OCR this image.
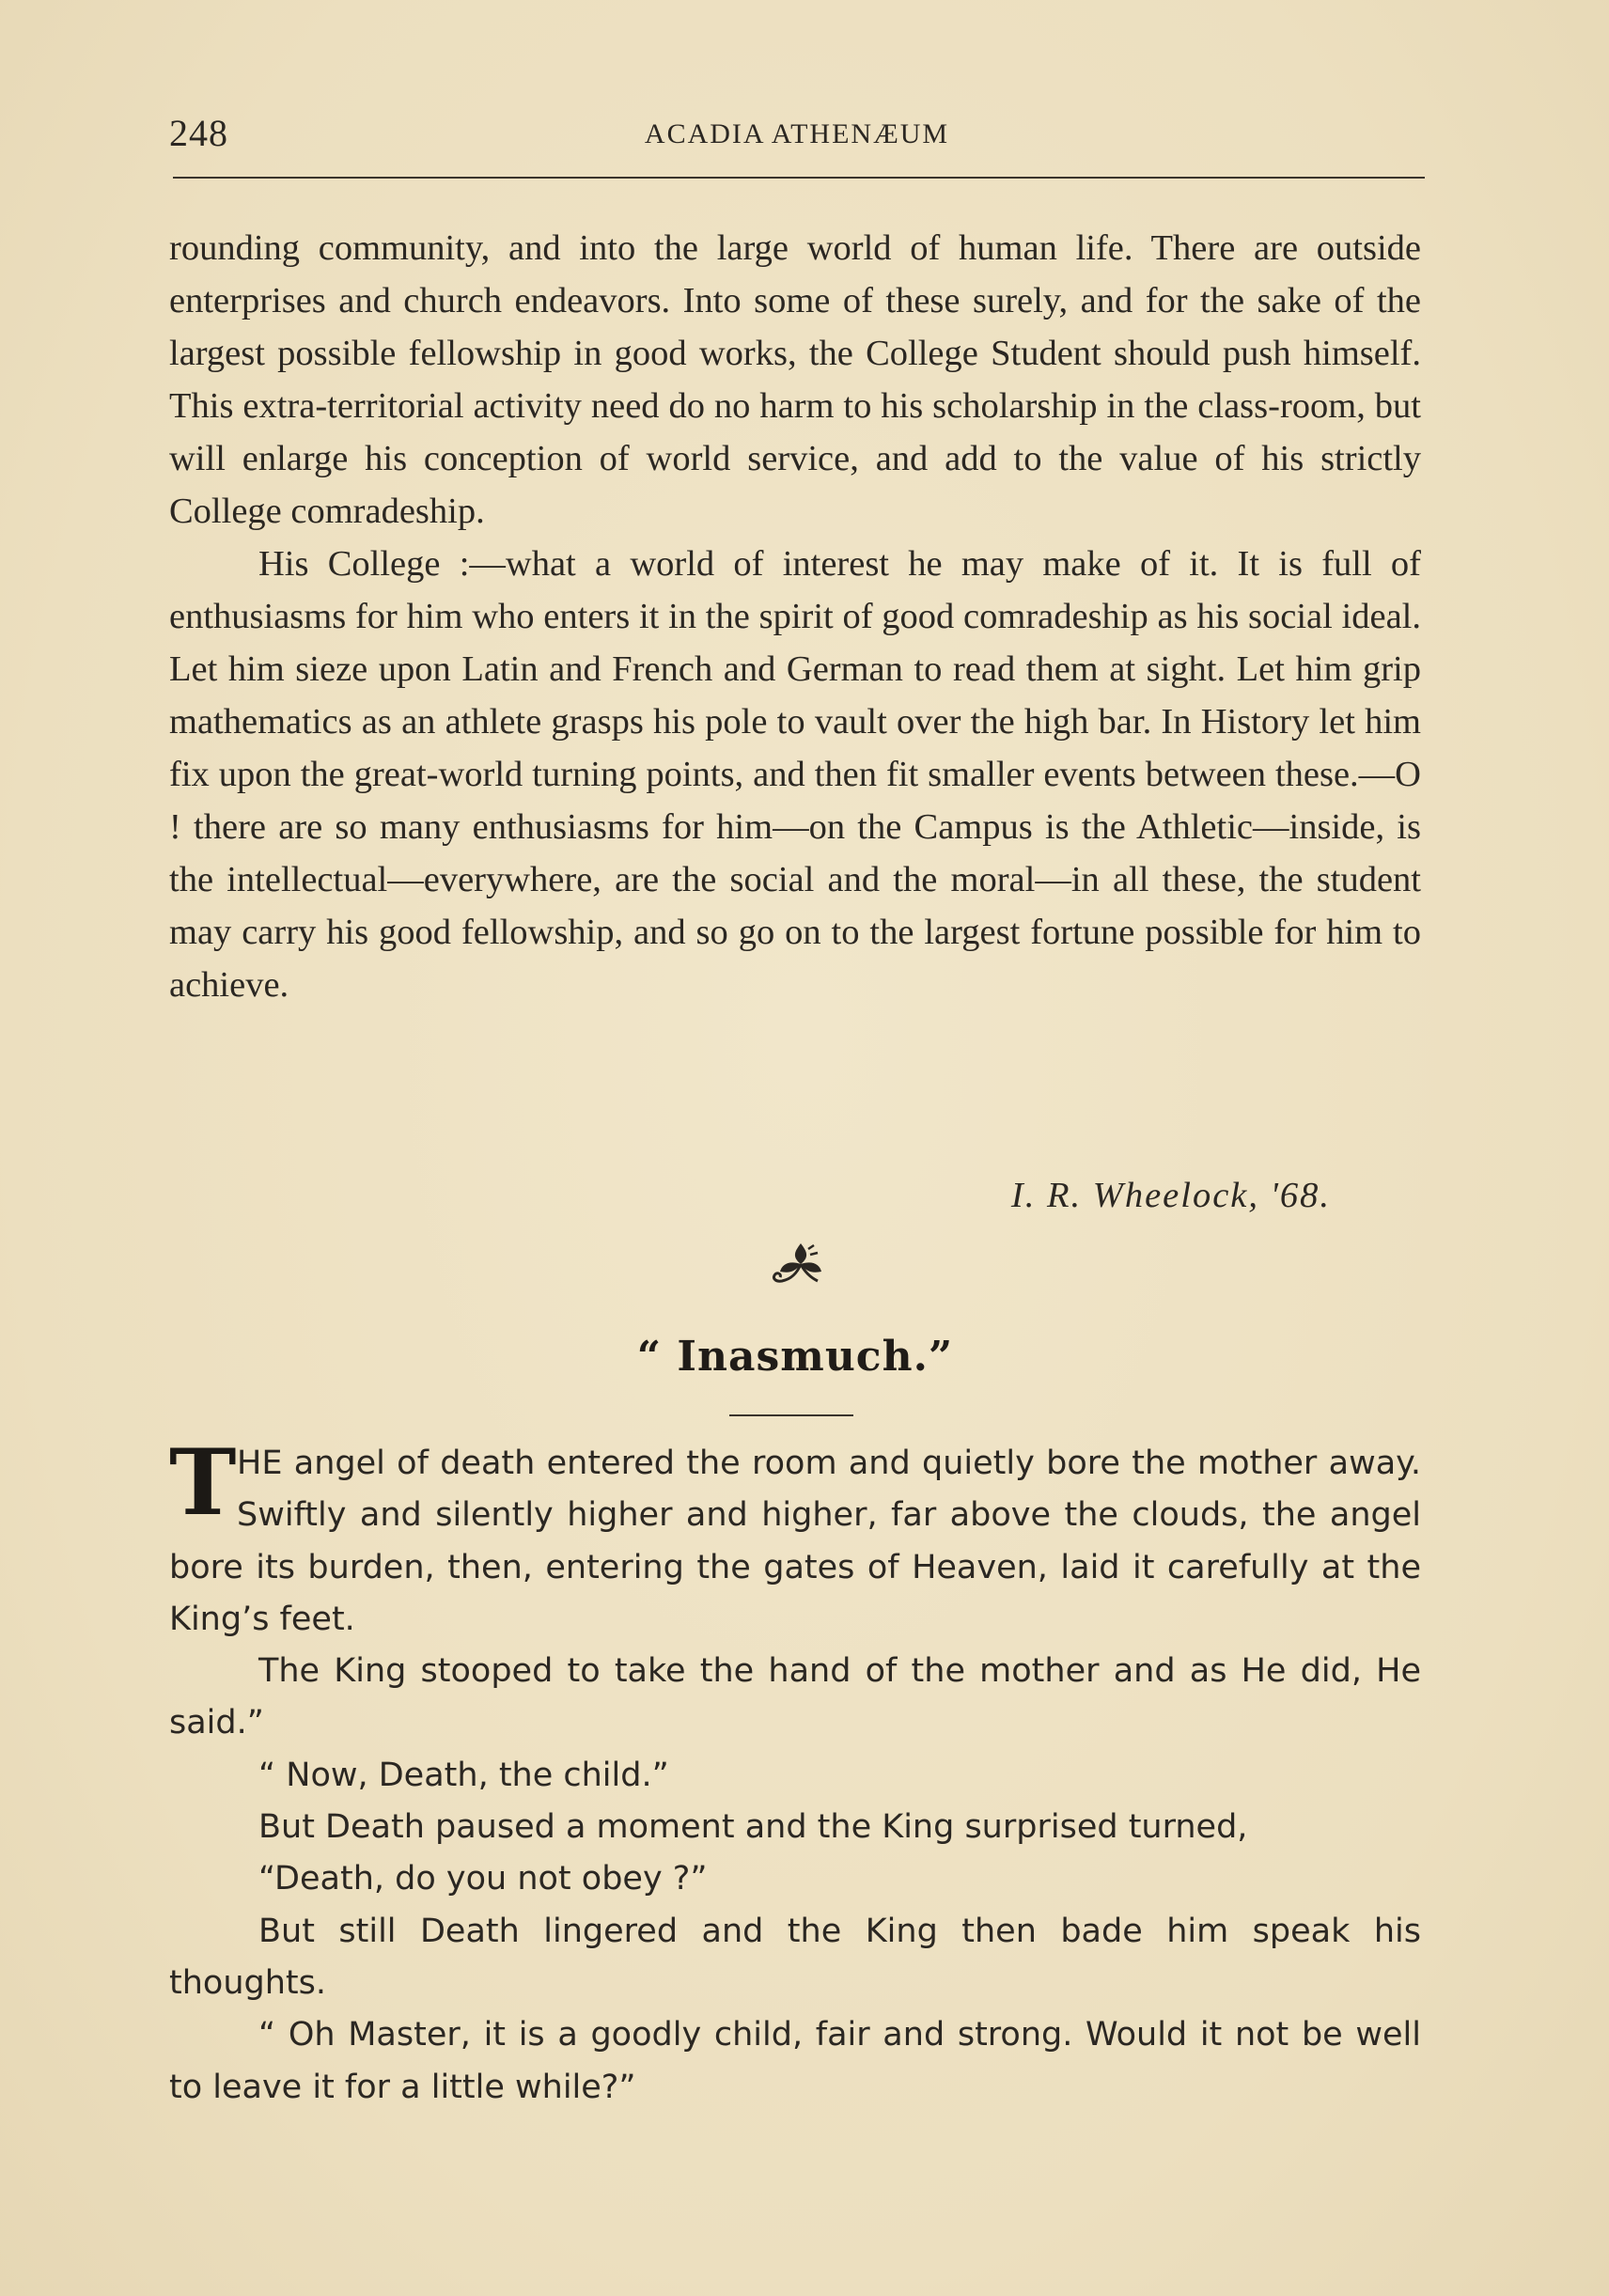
248	ACADIA ATHENÆUM

rounding community, and into the large world of human life. There are outside enterprises and church endeavors. Into some of these surely, and for the sake of the largest possible fellowship in good works, the College Student should push himself. This extra-territorial activity need do no harm to his scholarship in the class-room, but will enlarge his conception of world service, and add to the value of his strictly College comradeship.

His College :—what a world of interest he may make of it. It is full of enthusiasms for him who enters it in the spirit of good comradeship as his social ideal. Let him sieze upon Latin and French and German to read them at sight. Let him grip mathematics as an athlete grasps his pole to vault over the high bar. In History let him fix upon the great-world turning points, and then fit smaller events between these.—O ! there are so many enthusiasms for him—on the Campus is the Athletic—inside, is the intellectual—everywhere, are the social and the moral—in all these, the student may carry his good fellowship, and so go on to the largest fortune possible for him to achieve.

I. R. Wheelock, '68.
“ Inasmuch.”

THE angel of death entered the room and quietly bore the mother away. Swiftly and silently higher and higher, far above the clouds, the angel bore its burden, then, entering the gates of Heaven, laid it carefully at the King’s feet.

The King stooped to take the hand of the mother and as He did, He said.”

“ Now, Death, the child.”

But Death paused a moment and the King surprised turned,

“Death, do you not obey ?”

But still Death lingered and the King then bade him speak his thoughts.

“ Oh Master, it is a goodly child, fair and strong. Would it not be well to leave it for a little while?”
